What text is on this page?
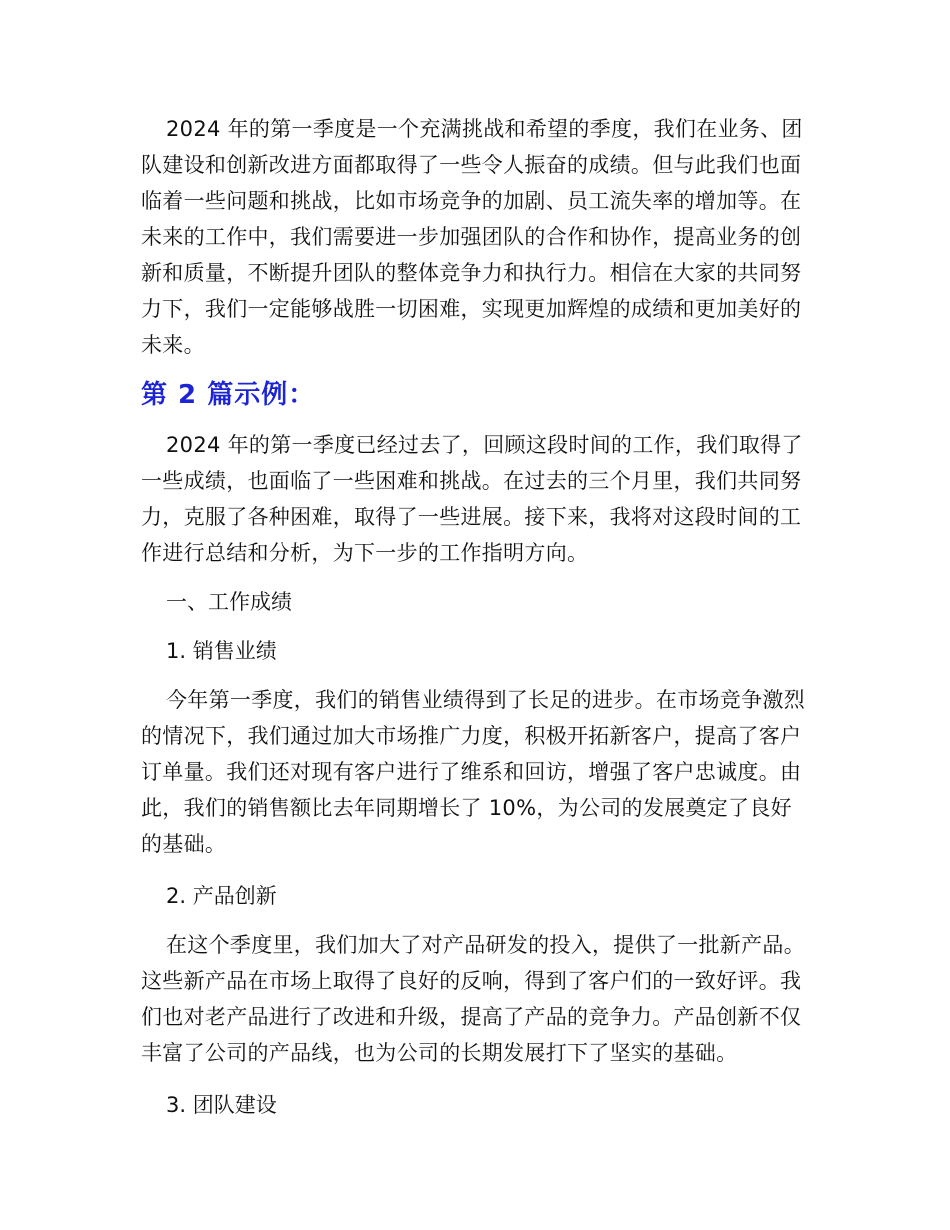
2024 年的第一季度是一个充满挑战和希望的季度，我们在业务、团队建设和创新改进方面都取得了一些令人振奋的成绩。但与此我们也面临着一些问题和挑战，比如市场竞争的加剧、员工流失率的增加等。在未来的工作中，我们需要进一步加强团队的合作和协作，提高业务的创新和质量，不断提升团队的整体竞争力和执行力。相信在大家的共同努力下，我们一定能够战胜一切困难，实现更加辉煌的成绩和更加美好的未来。

第 2 篇示例：

2024 年的第一季度已经过去了，回顾这段时间的工作，我们取得了一些成绩，也面临了一些困难和挑战。在过去的三个月里，我们共同努力，克服了各种困难，取得了一些进展。接下来，我将对这段时间的工作进行总结和分析，为下一步的工作指明方向。

一、工作成绩

1. 销售业绩

今年第一季度，我们的销售业绩得到了长足的进步。在市场竞争激烈的情况下，我们通过加大市场推广力度，积极开拓新客户，提高了客户订单量。我们还对现有客户进行了维系和回访，增强了客户忠诚度。由此，我们的销售额比去年同期增长了 10%，为公司的发展奠定了良好的基础。

2. 产品创新

在这个季度里，我们加大了对产品研发的投入，提供了一批新产品。这些新产品在市场上取得了良好的反响，得到了客户们的一致好评。我们也对老产品进行了改进和升级，提高了产品的竞争力。产品创新不仅丰富了公司的产品线，也为公司的长期发展打下了坚实的基础。

3. 团队建设
